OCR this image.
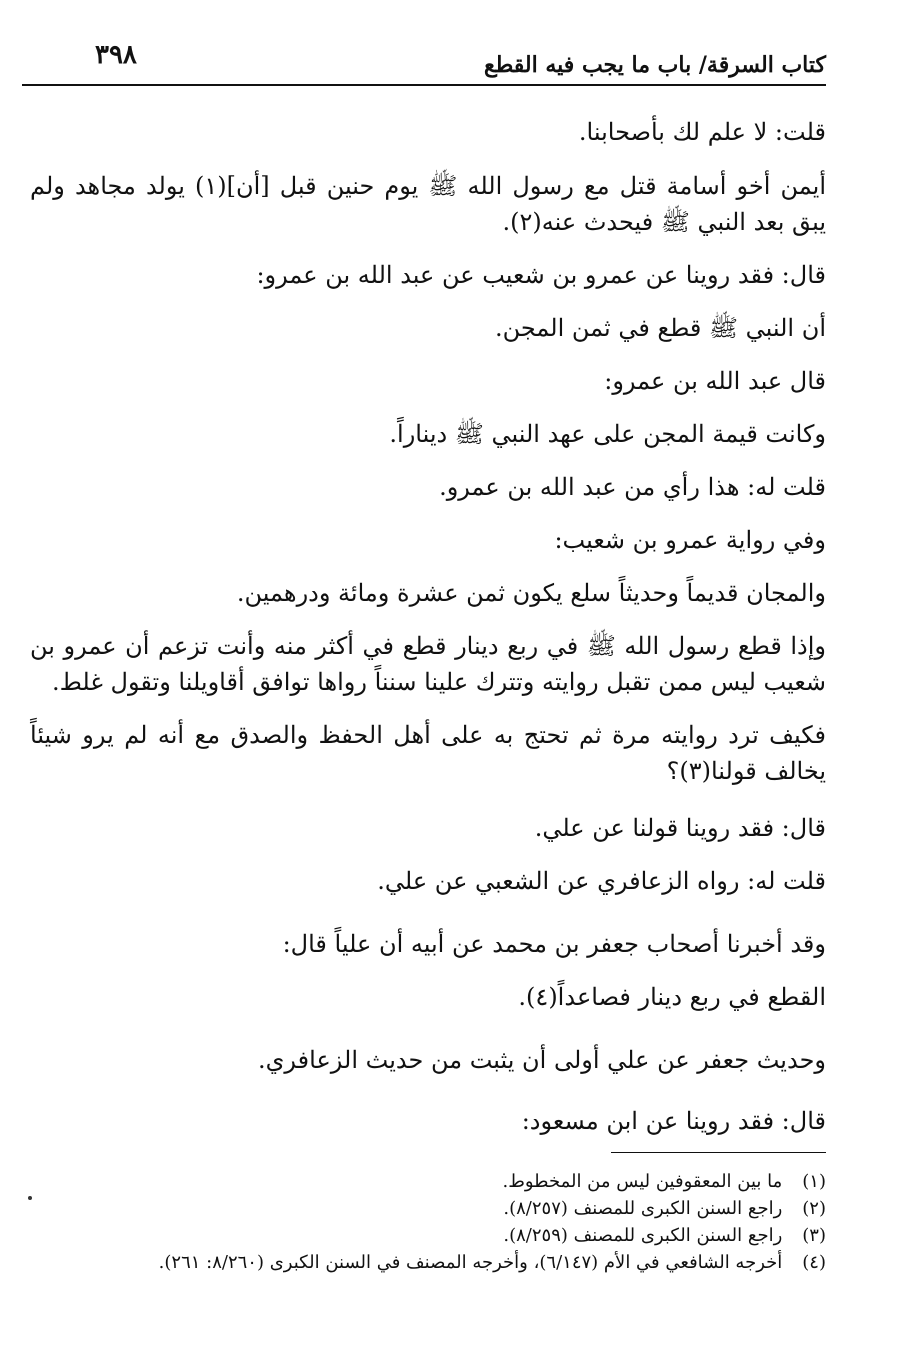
كتاب السرقة/ باب ما يجب فيه القطع
٣٩٨

قلت: لا علم لك بأصحابنا.

أيمن أخو أسامة قتل مع رسول الله ﷺ يوم حنين قبل [أن](١) يولد مجاهد ولم يبق بعد النبي ﷺ فيحدث عنه(٢).

قال: فقد روينا عن عمرو بن شعيب عن عبد الله بن عمرو:

أن النبي ﷺ قطع في ثمن المجن.

قال عبد الله بن عمرو:

وكانت قيمة المجن على عهد النبي ﷺ ديناراً.

قلت له: هذا رأي من عبد الله بن عمرو.

وفي رواية عمرو بن شعيب:

والمجان قديماً وحديثاً سلع يكون ثمن عشرة ومائة ودرهمين.

وإذا قطع رسول الله ﷺ في ربع دينار قطع في أكثر منه وأنت تزعم أن عمرو بن شعيب ليس ممن تقبل روايته وتترك علينا سنناً رواها توافق أقاويلنا وتقول غلط.

فكيف ترد روايته مرة ثم تحتج به على أهل الحفظ والصدق مع أنه لم يرو شيئاً يخالف قولنا(٣)؟

قال: فقد روينا قولنا عن علي.

قلت له: رواه الزعافري عن الشعبي عن علي.

وقد أخبرنا أصحاب جعفر بن محمد عن أبيه أن علياً قال:

القطع في ربع دينار فصاعداً(٤).

وحديث جعفر عن علي أولى أن يثبت من حديث الزعافري.

قال: فقد روينا عن ابن مسعود:

(١) ما بين المعقوفين ليس من المخطوط.

(٢) راجع السنن الكبرى للمصنف (٨/٢٥٧).

(٣) راجع السنن الكبرى للمصنف (٨/٢٥٩).

(٤) أخرجه الشافعي في الأم (٦/١٤٧)، وأخرجه المصنف في السنن الكبرى (٨/٢٦٠: ٢٦١).
